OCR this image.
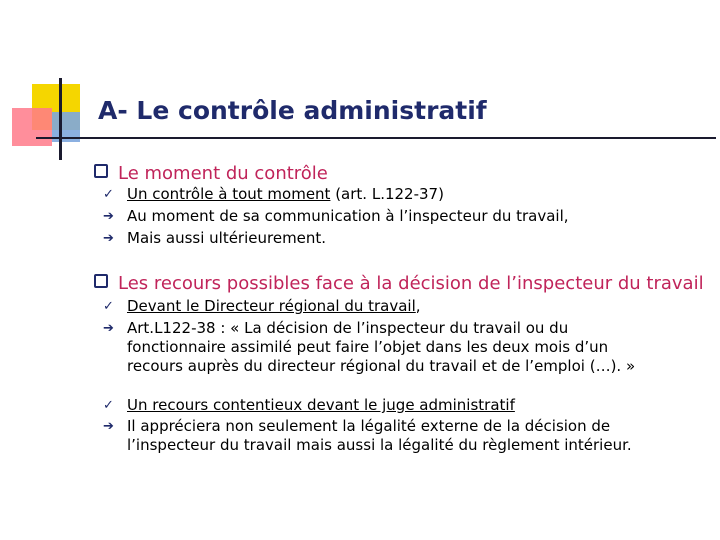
A- Le contrôle administratif
Le moment du contrôle
✓ Un contrôle à tout moment (art. L.122-37)
➔ Au moment de sa communication à l’inspecteur du travail,
➔ Mais aussi ultérieurement.
Les recours possibles face à la décision de l’inspecteur du travail
✓ Devant le Directeur régional du travail,
➔ Art.L122-38 : « La décision de l’inspecteur du travail ou du
fonctionnaire assimilé peut faire l’objet dans les deux mois d’un
recours auprès du directeur régional du travail et de l’emploi (…). »
✓ Un recours contentieux devant le juge administratif
➔ Il appréciera non seulement la légalité externe de la décision de
l’inspecteur du travail mais aussi la légalité du règlement intérieur.
